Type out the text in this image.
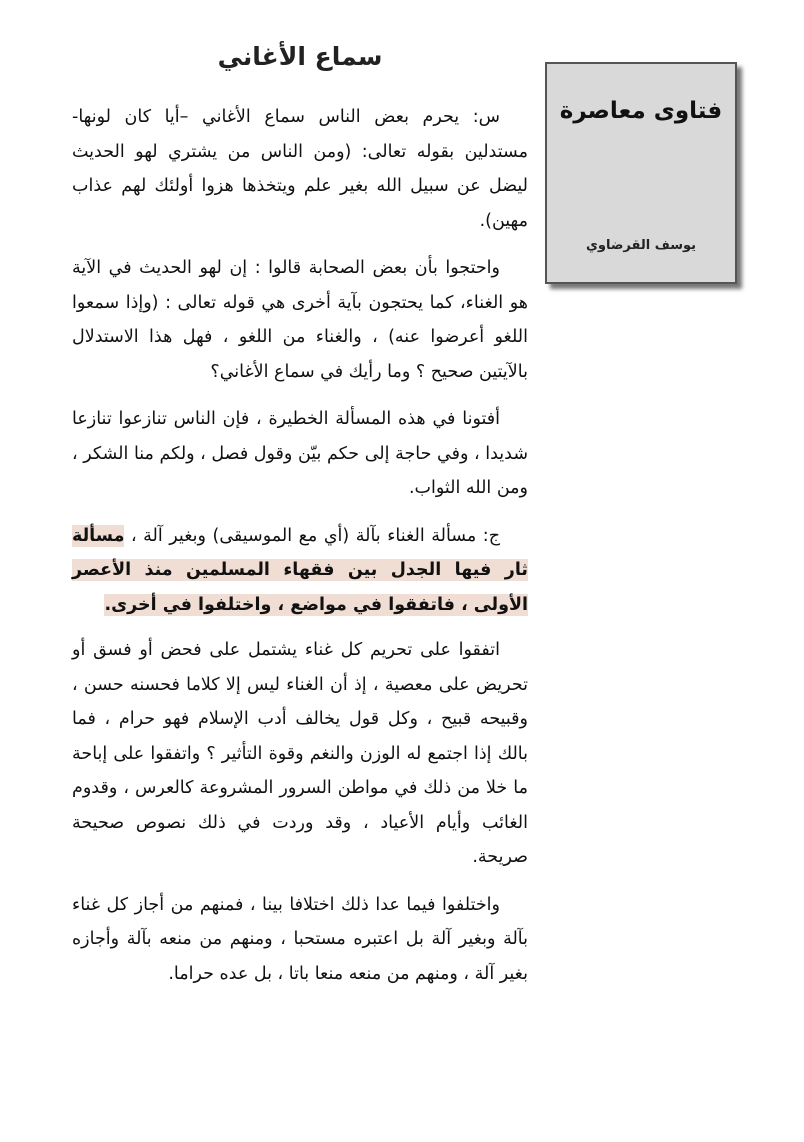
سماع الأغاني
فتاوى معاصرة
يوسف القرضاوي

س: يحرم بعض الناس سماع الأغاني –أيا كان لونها- مستدلين بقوله تعالى: (ومن الناس من يشتري لهو الحديث ليضل عن سبيل الله بغير علم ويتخذها هزوا أولئك لهم عذاب مهين).

واحتجوا بأن بعض الصحابة قالوا : إن لهو الحديث في الآية هو الغناء، كما يحتجون بآية أخرى هي قوله تعالى : (وإذا سمعوا اللغو أعرضوا عنه) ، والغناء من اللغو ، فهل هذا الاستدلال بالآيتين صحيح ؟ وما رأيك في سماع الأغاني؟

أفتونا في هذه المسألة الخطيرة ، فإن الناس تنازعوا تنازعا شديدا ، وفي حاجة إلى حكم بيّن وقول فصل ، ولكم منا الشكر ، ومن الله الثواب.

ج: مسألة الغناء بآلة (أي مع الموسيقى) وبغير آلة ، مسألة ثار فيها الجدل بين فقهاء المسلمين منذ الأعصر الأولى ، فاتفقوا في مواضع ، واختلفوا في أخرى.

اتفقوا على تحريم كل غناء يشتمل على فحض أو فسق أو تحريض على معصية ، إذ أن الغناء ليس إلا كلاما فحسنه حسن ، وقبيحه قبيح ، وكل قول يخالف أدب الإسلام فهو حرام ، فما بالك إذا اجتمع له الوزن والنغم وقوة التأثير ؟ واتفقوا على إباحة ما خلا من ذلك في مواطن السرور المشروعة كالعرس ، وقدوم الغائب وأيام الأعياد ، وقد وردت في ذلك نصوص صحيحة صريحة.

واختلفوا فيما عدا ذلك اختلافا بينا ، فمنهم من أجاز كل غناء بآلة وبغير آلة بل اعتبره مستحبا ، ومنهم من منعه بآلة وأجازه بغير آلة ، ومنهم من منعه منعا باتا ، بل عده حراما.
